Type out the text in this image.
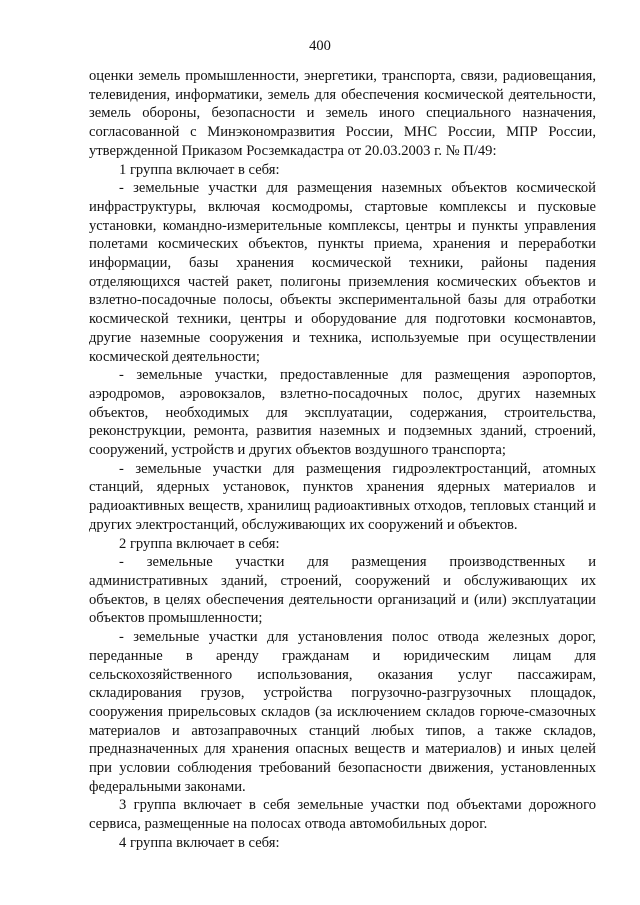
400

оценки земель промышленности, энергетики, транспорта, связи, радиовещания, телевидения, информатики, земель для обеспечения космической деятельности, земель обороны, безопасности и земель иного специального назначения, согласованной с Минэкономразвития России, МНС России, МПР России, утвержденной Приказом Росземкадастра от 20.03.2003 г. № П/49:

1 группа включает в себя:

- земельные участки для размещения наземных объектов космической инфраструктуры, включая космодромы, стартовые комплексы и пусковые установки, командно-измерительные комплексы, центры и пункты управления полетами космических объектов, пункты приема, хранения и переработки информации, базы хранения космической техники, районы падения отделяющихся частей ракет, полигоны приземления космических объектов и взлетно-посадочные полосы, объекты экспериментальной базы для отработки космической техники, центры и оборудование для подготовки космонавтов, другие наземные сооружения и техника, используемые при осуществлении космической деятельности;

- земельные участки, предоставленные для размещения аэропортов, аэродромов, аэровокзалов, взлетно-посадочных полос, других наземных объектов, необходимых для эксплуатации, содержания, строительства, реконструкции, ремонта, развития наземных и подземных зданий, строений, сооружений, устройств и других объектов воздушного транспорта;

- земельные участки для размещения гидроэлектростанций, атомных станций, ядерных установок, пунктов хранения ядерных материалов и радиоактивных веществ, хранилищ радиоактивных отходов, тепловых станций и других электростанций, обслуживающих их сооружений и объектов.

2 группа включает в себя:

- земельные участки для размещения производственных и административных зданий, строений, сооружений и обслуживающих их объектов, в целях обеспечения деятельности организаций и (или) эксплуатации объектов промышленности;

- земельные участки для установления полос отвода железных дорог, переданные в аренду гражданам и юридическим лицам для сельскохозяйственного использования, оказания услуг пассажирам, складирования грузов, устройства погрузочно-разгрузочных площадок, сооружения прирельсовых складов (за исключением складов горюче-смазочных материалов и автозаправочных станций любых типов, а также складов, предназначенных для хранения опасных веществ и материалов) и иных целей при условии соблюдения требований безопасности движения, установленных федеральными законами.

3 группа включает в себя земельные участки под объектами дорожного сервиса, размещенные на полосах отвода автомобильных дорог.

4 группа включает в себя:
